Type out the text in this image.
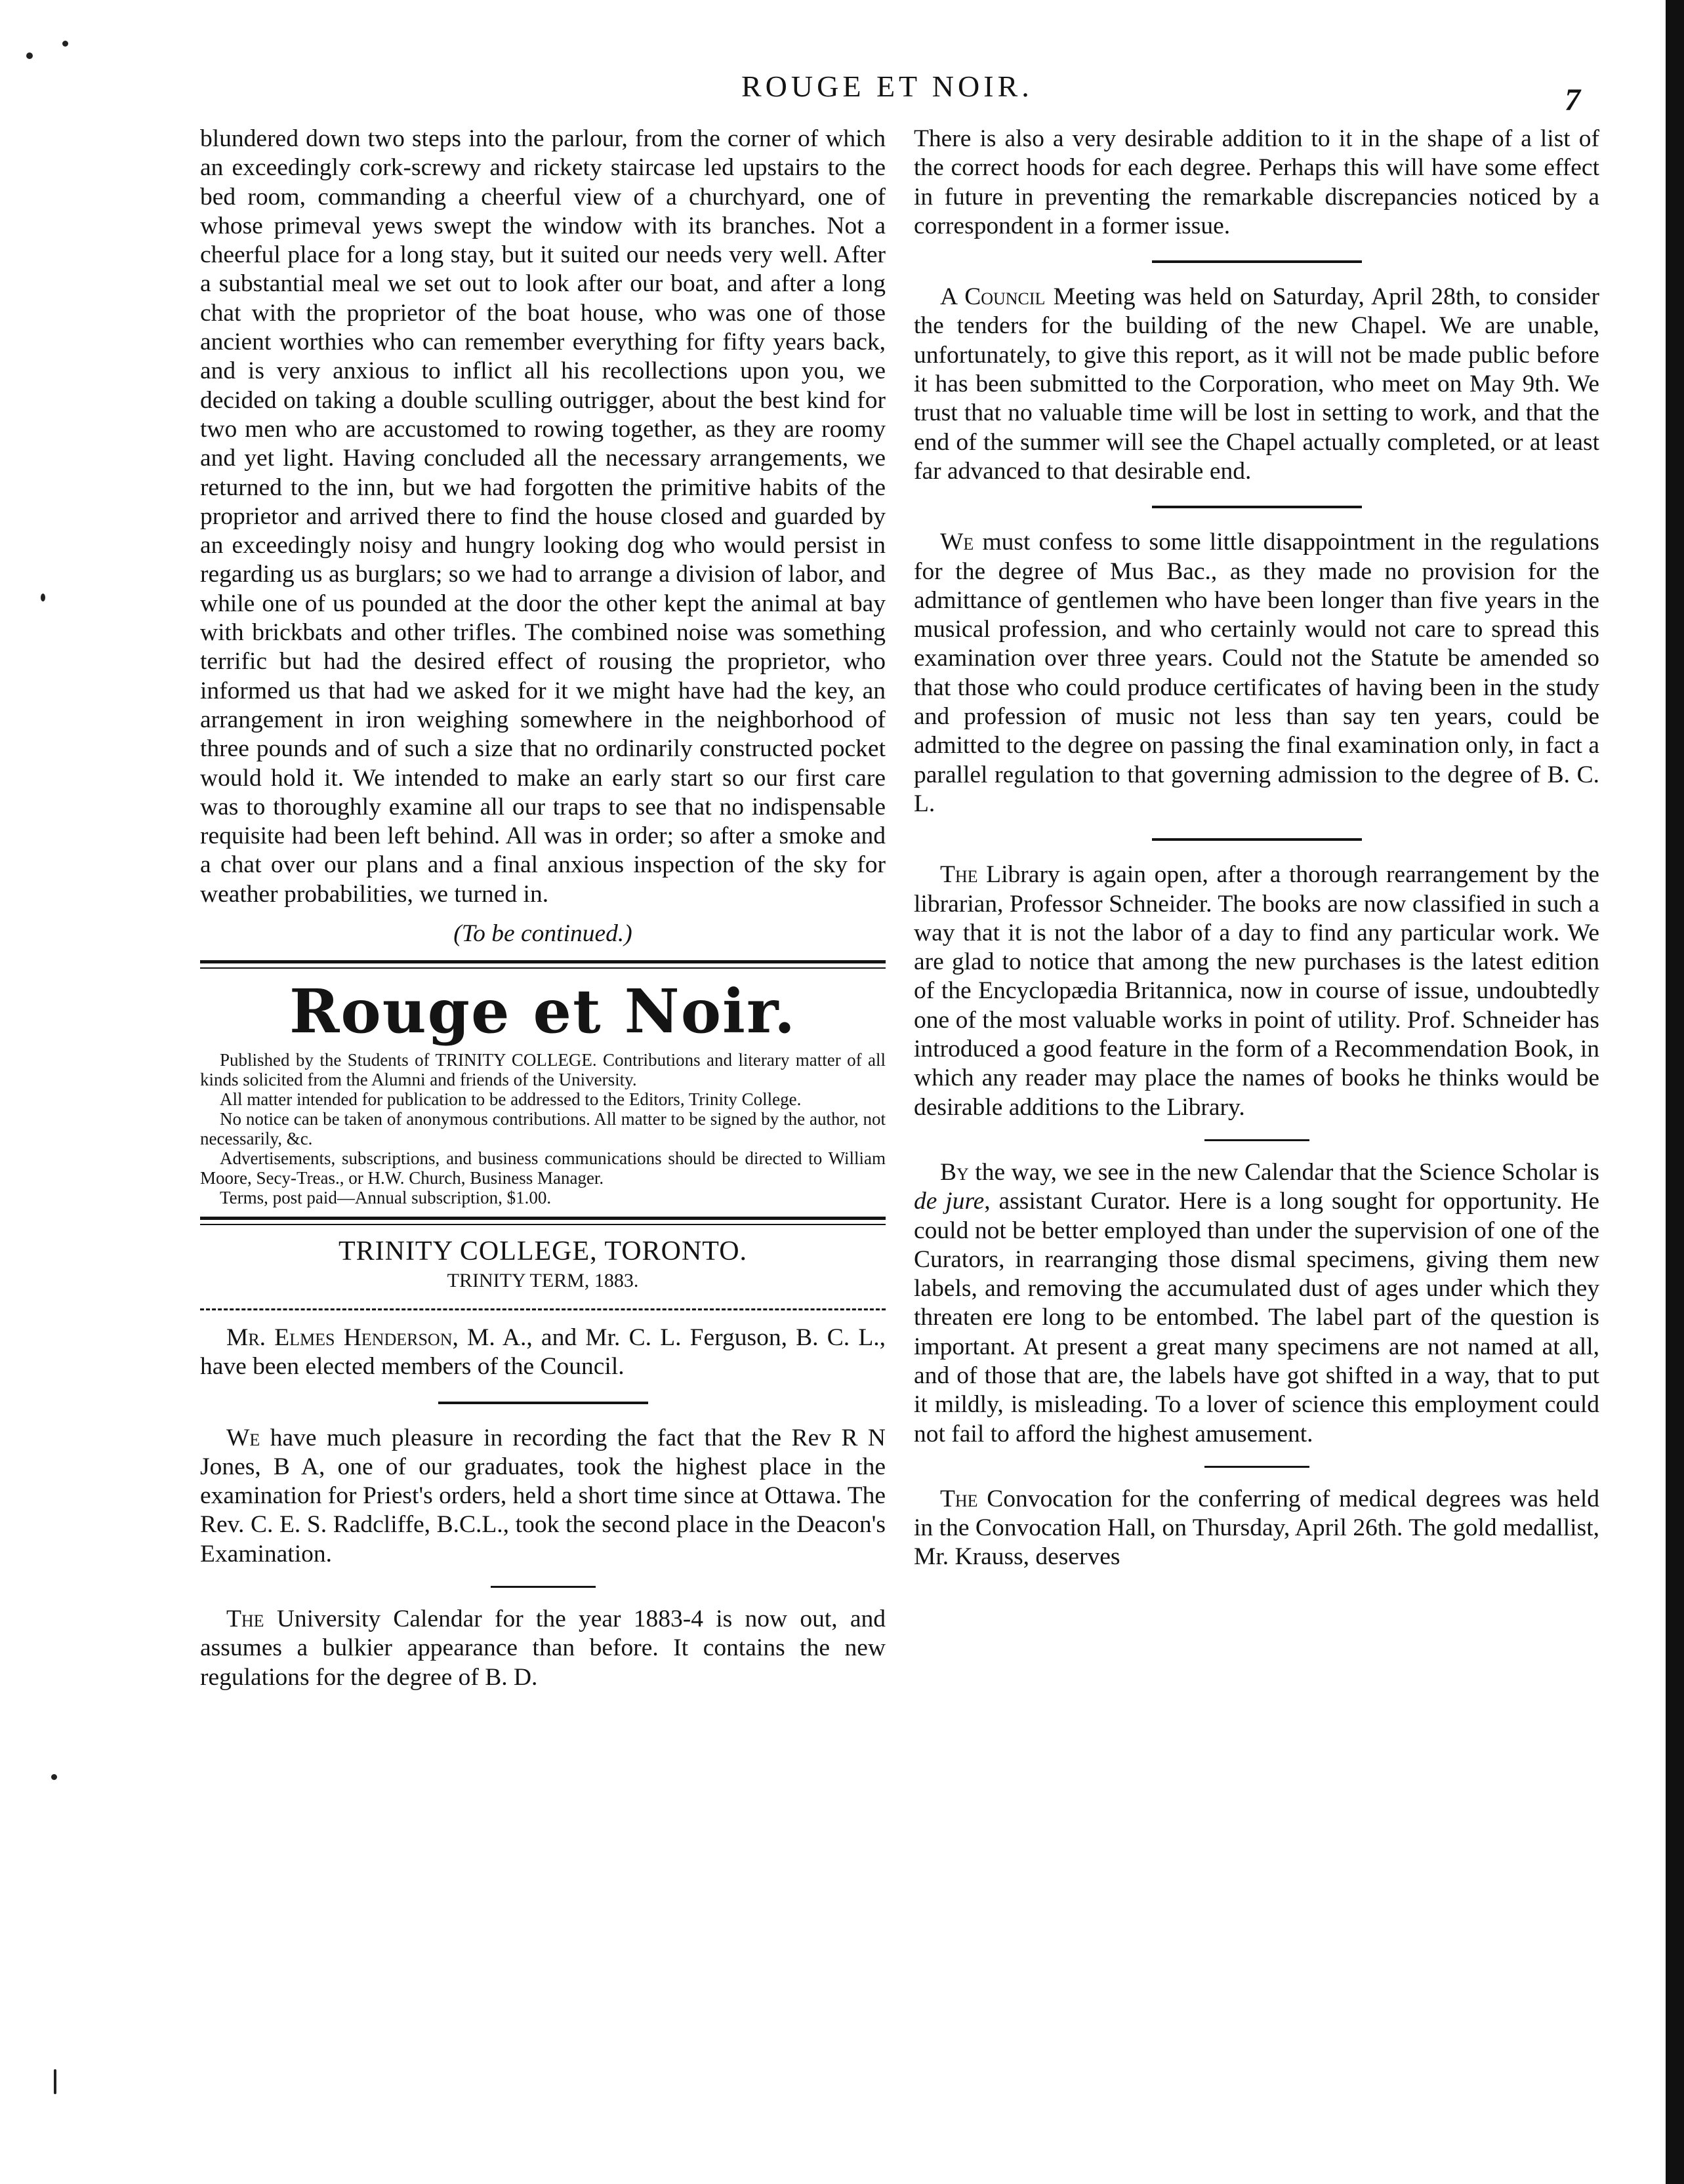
ROUGE ET NOIR.	7

blundered down two steps into the parlour, from the corner of which an exceedingly cork-screwy and rickety staircase led upstairs to the bed room, commanding a cheerful view of a churchyard, one of whose primeval yews swept the window with its branches. Not a cheerful place for a long stay, but it suited our needs very well. After a substantial meal we set out to look after our boat, and after a long chat with the proprietor of the boat house, who was one of those ancient worthies who can remember everything for fifty years back, and is very anxious to inflict all his recollections upon you, we decided on taking a double sculling outrigger, about the best kind for two men who are accustomed to rowing together, as they are roomy and yet light. Having concluded all the necessary arrangements, we returned to the inn, but we had forgotten the primitive habits of the proprietor and arrived there to find the house closed and guarded by an exceedingly noisy and hungry looking dog who would persist in regarding us as burglars; so we had to arrange a division of labor, and while one of us pounded at the door the other kept the animal at bay with brickbats and other trifles. The combined noise was something terrific but had the desired effect of rousing the proprietor, who informed us that had we asked for it we might have had the key, an arrangement in iron weighing somewhere in the neighborhood of three pounds and of such a size that no ordinarily constructed pocket would hold it. We intended to make an early start so our first care was to thoroughly examine all our traps to see that no indispensable requisite had been left behind. All was in order; so after a smoke and a chat over our plans and a final anxious inspection of the sky for weather probabilities, we turned in.

(To be continued.)
Rouge et Noir.

Published by the Students of TRINITY COLLEGE. Contributions and literary matter of all kinds solicited from the Alumni and friends of the University.

All matter intended for publication to be addressed to the Editors, Trinity College.

No notice can be taken of anonymous contributions. All matter to be signed by the author, not necessarily, &c.

Advertisements, subscriptions, and business communications should be directed to William Moore, Secy-Treas., or H.W. Church, Business Manager.

Terms, post paid—Annual subscription, $1.00.

TRINITY COLLEGE, TORONTO.
TRINITY TERM, 1883.

Mr. Elmes Henderson, M. A., and Mr. C. L. Ferguson, B. C. L., have been elected members of the Council.

We have much pleasure in recording the fact that the Rev R N Jones, B A, one of our graduates, took the highest place in the examination for Priest's orders, held a short time since at Ottawa. The Rev. C. E. S. Radcliffe, B.C.L., took the second place in the Deacon's Examination.

The University Calendar for the year 1883-4 is now out, and assumes a bulkier appearance than before. It contains the new regulations for the degree of B. D.

There is also a very desirable addition to it in the shape of a list of the correct hoods for each degree. Perhaps this will have some effect in future in preventing the remarkable discrepancies noticed by a correspondent in a former issue.

A Council Meeting was held on Saturday, April 28th, to consider the tenders for the building of the new Chapel. We are unable, unfortunately, to give this report, as it will not be made public before it has been submitted to the Corporation, who meet on May 9th. We trust that no valuable time will be lost in setting to work, and that the end of the summer will see the Chapel actually completed, or at least far advanced to that desirable end.

We must confess to some little disappointment in the regulations for the degree of Mus Bac., as they made no provision for the admittance of gentlemen who have been longer than five years in the musical profession, and who certainly would not care to spread this examination over three years. Could not the Statute be amended so that those who could produce certificates of having been in the study and profession of music not less than say ten years, could be admitted to the degree on passing the final examination only, in fact a parallel regulation to that governing admission to the degree of B. C. L.

The Library is again open, after a thorough rearrangement by the librarian, Professor Schneider. The books are now classified in such a way that it is not the labor of a day to find any particular work. We are glad to notice that among the new purchases is the latest edition of the Encyclopædia Britannica, now in course of issue, undoubtedly one of the most valuable works in point of utility. Prof. Schneider has introduced a good feature in the form of a Recommendation Book, in which any reader may place the names of books he thinks would be desirable additions to the Library.

By the way, we see in the new Calendar that the Science Scholar is de jure, assistant Curator. Here is a long sought for opportunity. He could not be better employed than under the supervision of one of the Curators, in rearranging those dismal specimens, giving them new labels, and removing the accumulated dust of ages under which they threaten ere long to be entombed. The label part of the question is important. At present a great many specimens are not named at all, and of those that are, the labels have got shifted in a way, that to put it mildly, is misleading. To a lover of science this employment could not fail to afford the highest amusement.

The Convocation for the conferring of medical degrees was held in the Convocation Hall, on Thursday, April 26th. The gold medallist, Mr. Krauss, deserves
